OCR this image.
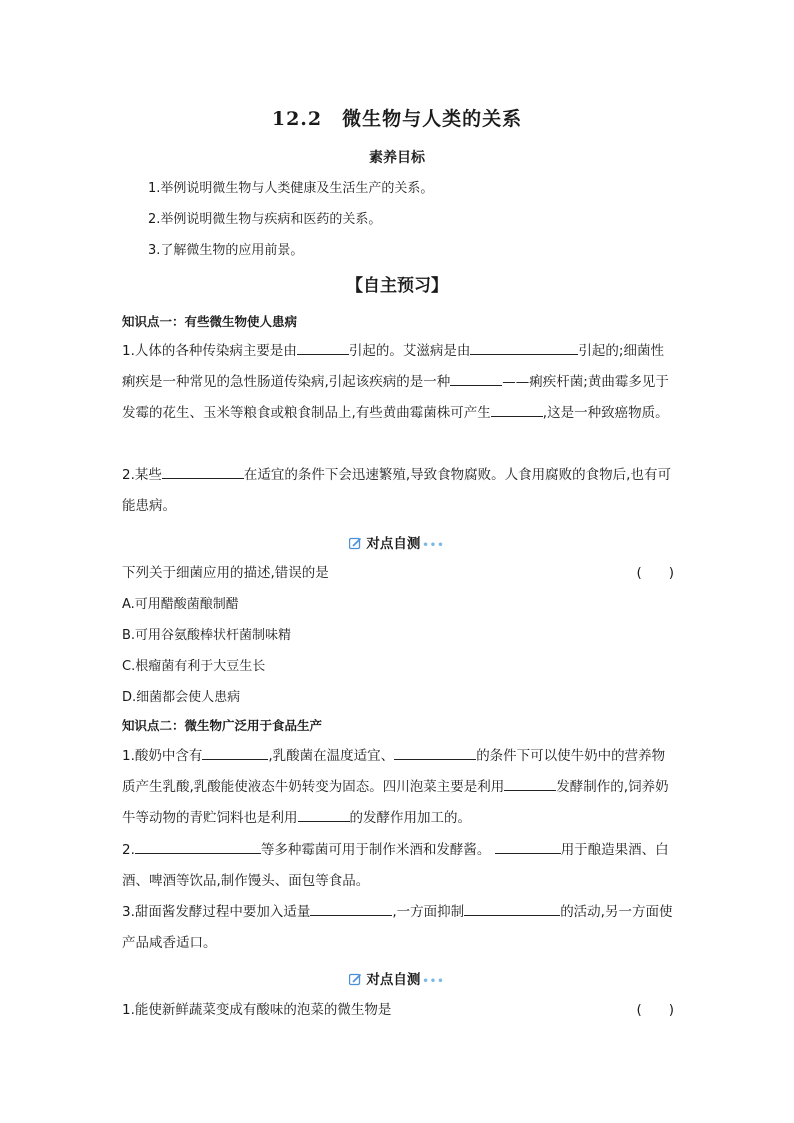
12.2　微生物与人类的关系
素养目标
1.举例说明微生物与人类健康及生活生产的关系。
2.举例说明微生物与疾病和医药的关系。
3.了解微生物的应用前景。
【自主预习】
知识点一：有些微生物使人患病

1.人体的各种传染病主要是由	引起的。艾滋病是由	引起的;细菌性痢疾是一种常见的急性肠道传染病,引起该疾病的是一种	——痢疾杆菌;黄曲霉多见于发霉的花生、玉米等粮食或粮食制品上,有些黄曲霉菌株可产生	,这是一种致癌物质。

2.某些	在适宜的条件下会迅速繁殖,导致食物腐败。人食用腐败的食物后,也有可能患病。

对点自测 •••
下列关于细菌应用的描述,错误的是	(　　)
A.可用醋酸菌酿制醋
B.可用谷氨酸棒状杆菌制味精
C.根瘤菌有利于大豆生长
D.细菌都会使人患病
知识点二：微生物广泛用于食品生产

1.酸奶中含有	,乳酸菌在温度适宜、	的条件下可以使牛奶中的营养物质产生乳酸,乳酸能使液态牛奶转变为固态。四川泡菜主要是利用	发酵制作的,饲养奶牛等动物的青贮饲料也是利用	的发酵作用加工的。

2.	等多种霉菌可用于制作米酒和发酵酱。	用于酿造果酒、白酒、啤酒等饮品,制作馒头、面包等食品。

3.甜面酱发酵过程中要加入适量	,一方面抑制	的活动,另一方面使产品咸香适口。

对点自测 •••
1.能使新鲜蔬菜变成有酸味的泡菜的微生物是	(　　)
